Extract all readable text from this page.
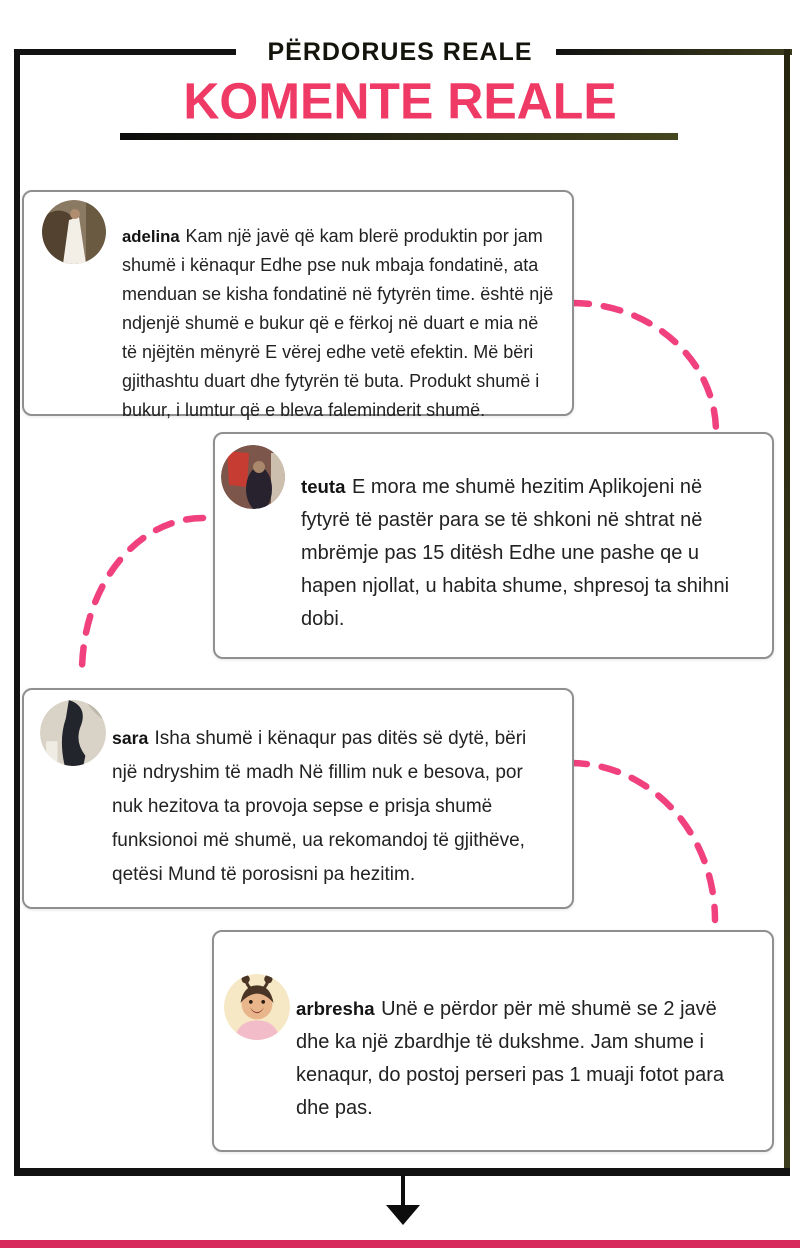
PËRDORUES REALE
KOMENTE REALE

adelina Kam një javë që kam blerë produktin por jam shumë i kënaqur Edhe pse nuk mbaja fondatinë, ata menduan se kisha fondatinë në fytyrën time. është një ndjenjë shumë e bukur që e fërkoj në duart e mia në të njëjtën mënyrë E vërej edhe vetë efektin. Më bëri gjithashtu duart dhe fytyrën të buta. Produkt shumë i bukur, i lumtur që e bleva faleminderit shumë.

teuta E mora me shumë hezitim Aplikojeni në fytyrë të pastër para se të shkoni në shtrat në mbrëmje pas 15 ditësh Edhe une pashe qe u hapen njollat, u habita shume, shpresoj ta shihni dobi.

sara Isha shumë i kënaqur pas ditës së dytë, bëri një ndryshim të madh Në fillim nuk e besova, por nuk hezitova ta provoja sepse e prisja shumë funksionoi më shumë, ua rekomandoj të gjithëve, qetësi Mund të porosisni pa hezitim.

arbresha Unë e përdor për më shumë se 2 javë dhe ka një zbardhje të dukshme. Jam shume i kenaqur, do postoj perseri pas 1 muaji fotot para dhe pas.
